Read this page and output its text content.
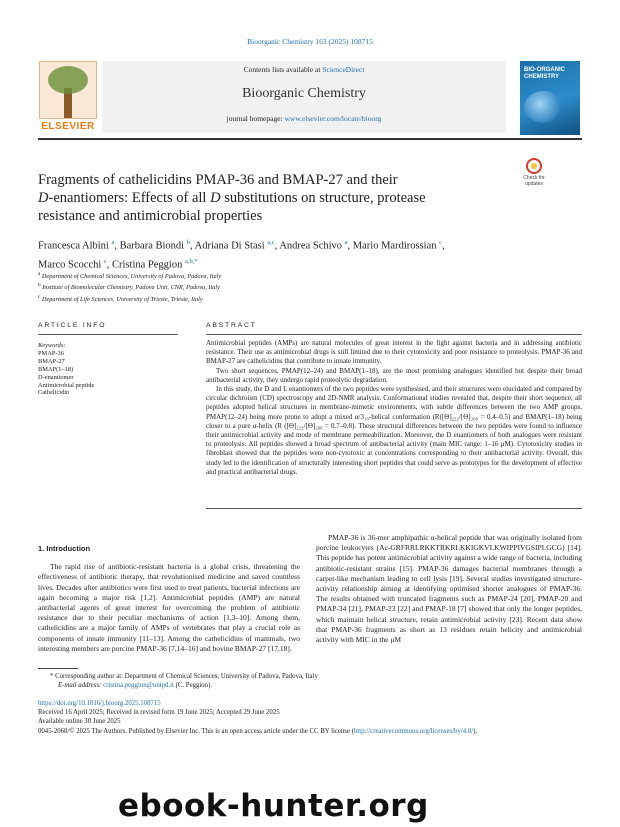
Bioorganic Chemistry 163 (2025) 108715
ELSEVIER
Contents lists available at ScienceDirect
Bioorganic Chemistry
journal homepage: www.elsevier.com/locate/bioorg
BIO-ORGANIC CHEMISTRY
Check for
updates
Fragments of cathelicidins PMAP-36 and BMAP-27 and their
D-enantiomers: Effects of all D substitutions on structure, protease
resistance and antimicrobial properties
Francesca Albini $^a$, Barbara Biondi $^b$, Adriana Di Stasi $^{a,c}$, Andrea Schivo $^a$, Mario Mardirossian $^c$,
Marco Scocchi $^c$, Cristina Peggion $^{a,b,*}$
$^a$ Department of Chemical Sciences, University of Padova, Padova, Italy
$^b$ Institute of Biomolecular Chemistry, Padova Unit, CNR, Padova, Italy
$^c$ Department of Life Sciences, University of Trieste, Trieste, Italy
ARTICLE INFO	ABSTRACT
Keywords:
PMAP-36
BMAP-27
BMAP(1–18)
D-enantiomer
Antimicrobial peptide
Cathelicidin

Antimicrobial peptides (AMPs) are natural molecules of great interest in the fight against bacteria and in addressing antibiotic resistance. Their use as antimicrobial drugs is still limited due to their cytotoxicity and poor resistance to proteolysis. PMAP-36 and BMAP-27 are cathelicidins that contribute to innate immunity.

Two short sequences, PMAP(12–24) and BMAP(1–18), are the most promising analogues identified but despite their broad antibacterial activity, they undergo rapid proteolytic degradation.

In this study, the D and L enantiomers of the two peptides were synthesised, and their structures were elucidated and compared by circular dichroism (CD) spectroscopy and 2D-NMR analysis. Conformational studies revealed that, despite their short sequence, all peptides adopted helical structures in membrane-mimetic environments, with subtle differences between the two AMP groups, PMAP(12–24) being more prone to adopt a mixed α/3₁₀-helical conformation (R([Θ]₂₂₂/[Θ]₂₀₈ = 0.4–0.5) and BMAP(1–18) being closer to a pure α-helix (R ([Θ]₂₂₂/[Θ]₂₀₈ = 0.7–0.8). These structural differences between the two peptides were found to influence their antimicrobial activity and mode of membrane permeabilization. Moreover, the D enantiomers of both analogues were resistant to proteolysis. All peptides showed a broad spectrum of antibacterial activity (main MIC range: 1–16 μM). Cytotoxicity studies in fibroblast showed that the peptides were non-cytotoxic at concentrations corresponding to their antibacterial activity. Overall, this study led to the identification of structurally interesting short peptides that could serve as prototypes for the development of effective and practical antibacterial drugs.

1. Introduction

The rapid rise of antibiotic-resistant bacteria is a global crisis, threatening the effectiveness of antibiotic therapy, that revolutionised medicine and saved countless lives. Decades after antibiotics were first used to treat patients, bacterial infections are again becoming a major risk [1,2]. Antimicrobial peptides (AMP) are natural antibacterial agents of great interest for overcoming the problem of antibiotic resistance due to their peculiar mechanisms of action [1,3–10]. Among them, cathelicidins are a major family of AMPs of vertebrates that play a crucial role as components of innate immunity [11–13]. Among the cathelicidins of mammals, two interesting members are porcine PMAP-36 [7,14–16] and bovine BMAP-27 [17,18].

PMAP-36 is 36-mer amphipathic α-helical peptide that was originally isolated from porcine leukocytes (Ac-GRFRRLRKKTRKRLKKIGKVLKWIPPIVGSIPLGCG) [14]. This peptide has potent antimicrobial activity against a wide range of bacteria, including antibiotic-resistant strains [15]. PMAP-36 damages bacterial membranes through a carpet-like mechanism leading to cell lysis [19]. Several studies investigated structure-activity relationship aiming at identifying optimised shorter analogues of PMAP-36. The results obtained with truncated fragments such as PMAP-24 [20], PMAP-20 and PMAP-34 [21], PMAP-23 [22] and PMAP-18 [7] showed that only the longer peptides, which maintain helical structure, retain antimicrobial activity [23]. Recent data show that PMAP-36 fragments as short as 13 residues retain helicity and antimicrobial activity with MIC in the μM

* Corresponding author at: Department of Chemical Sciences, University of Padova, Padova, Italy
E-mail address: cristina.peggion@unipd.it (C. Peggion).
https://doi.org/10.1016/j.bioorg.2025.108715
Received 16 April 2025; Received in revised form 19 June 2025; Accepted 29 June 2025
Available online 30 June 2025
0045-2068/© 2025 The Authors. Published by Elsevier Inc. This is an open access article under the CC BY license (http://creativecommons.org/licenses/by/4.0/).
ebook-hunter.org
